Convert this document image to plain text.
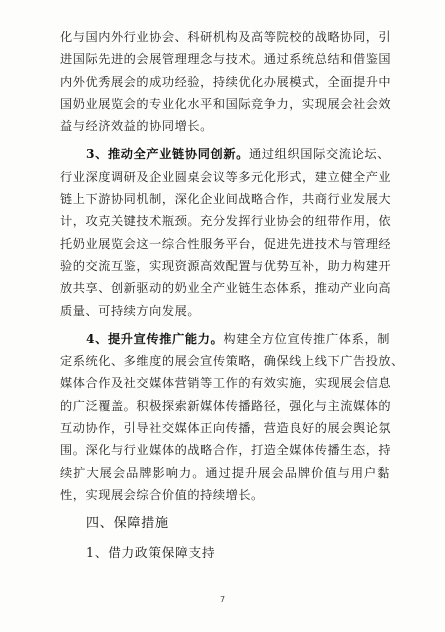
化与国内外行业协会、科研机构及高等院校的战略协同，引
进国际先进的会展管理理念与技术。通过系统总结和借鉴国
内外优秀展会的成功经验，持续优化办展模式，全面提升中
国奶业展览会的专业化水平和国际竞争力，实现展会社会效
益与经济效益的协同增长。
3、推动全产业链协同创新。通过组织国际交流论坛、
行业深度调研及企业圆桌会议等多元化形式，建立健全产业
链上下游协同机制，深化企业间战略合作，共商行业发展大
计，攻克关键技术瓶颈。充分发挥行业协会的纽带作用，依
托奶业展览会这一综合性服务平台，促进先进技术与管理经
验的交流互鉴，实现资源高效配置与优势互补，助力构建开
放共享、创新驱动的奶业全产业链生态体系，推动产业向高
质量、可持续方向发展。
4、提升宣传推广能力。构建全方位宣传推广体系，制
定系统化、多维度的展会宣传策略，确保线上线下广告投放、
媒体合作及社交媒体营销等工作的有效实施，实现展会信息
的广泛覆盖。积极探索新媒体传播路径，强化与主流媒体的
互动协作，引导社交媒体正向传播，营造良好的展会舆论氛
围。深化与行业媒体的战略合作，打造全媒体传播生态，持
续扩大展会品牌影响力。通过提升展会品牌价值与用户黏
性，实现展会综合价值的持续增长。
四、保障措施
1、借力政策保障支持
7
